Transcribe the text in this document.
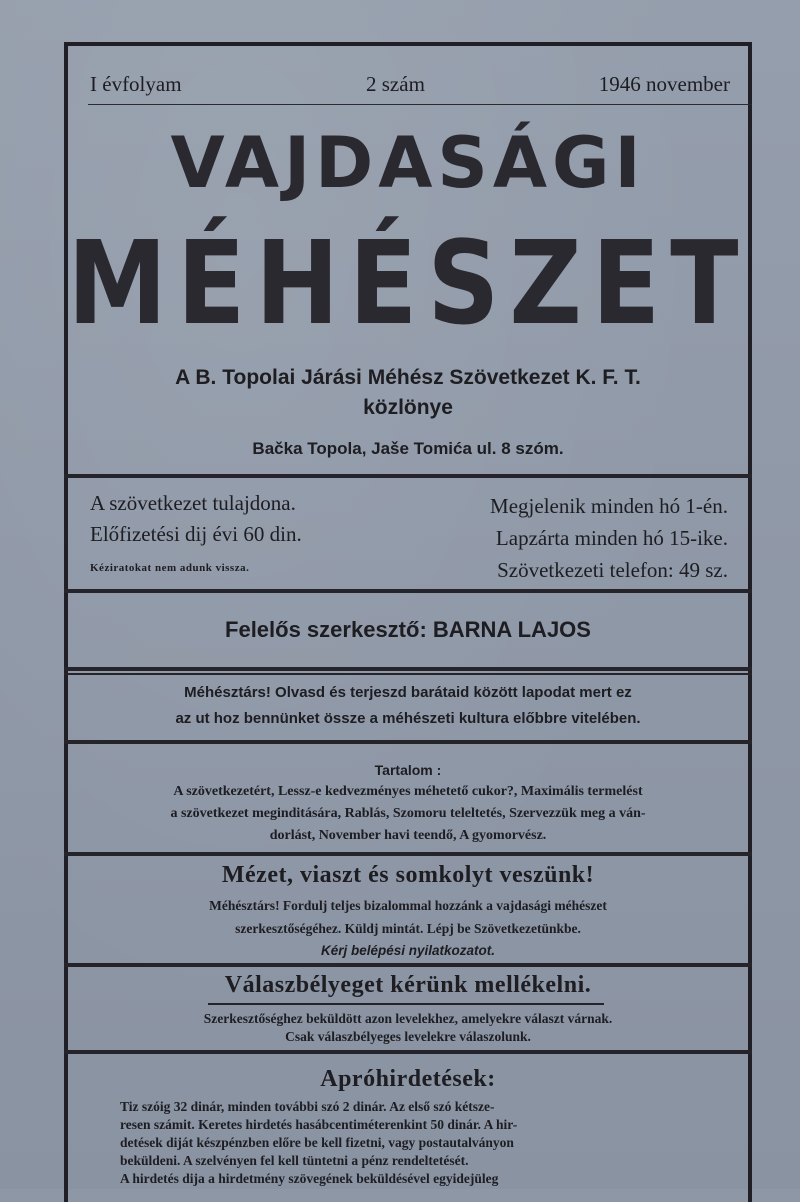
I évfolyam	2 szám	1946 november
VAJDASÁGI
MÉHÉSZET
A B. Topolai Járási Méhész Szövetkezet K. F. T.
közlönye
Bačka Topola, Jaše Tomića ul. 8 szóm.
A szövetkezet tulajdona.
Előfizetési dij évi 60 din.
Kéziratokat nem adunk vissza.
Megjelenik minden hó 1-én.
Lapzárta minden hó 15-ike.
Szövetkezeti telefon: 49 sz.
Felelős szerkesztő: BARNA LAJOS
Méhésztárs! Olvasd és terjeszd barátaid között lapodat mert ez
az ut hoz bennünket össze a méhészeti kultura előbbre vitelében.
Tartalom :
A szövetkezetért, Lessz-e kedvezményes méhetető cukor?, Maximális termelést
a szövetkezet meginditására, Rablás, Szomoru teleltetés, Szervezzük meg a ván-
dorlást, November havi teendő, A gyomorvész.
Mézet, viaszt és somkolyt veszünk!
Méhésztárs! Fordulj teljes bizalommal hozzánk a vajdasági méhészet
szerkesztőségéhez. Küldj mintát. Lépj be Szövetkezetünkbe.
Kérj belépési nyilatkozatot.
Válaszbélyeget kérünk mellékelni.
Szerkesztőséghez beküldött azon levelekhez, amelyekre választ várnak.
Csak válaszbélyeges levelekre válaszolunk.
Apróhirdetések:
Tiz szóig 32 dinár, minden további szó 2 dinár. Az első szó kétsze-
resen számit. Keretes hirdetés hasábcentiméterenkint 50 dinár. A hir-
detések diját készpénzben előre be kell fizetni, vagy postautalványon
beküldeni. A szelvényen fel kell tüntetni a pénz rendeltetését.
A hirdetés dija a hirdetmény szövegének beküldésével egyidejüleg
